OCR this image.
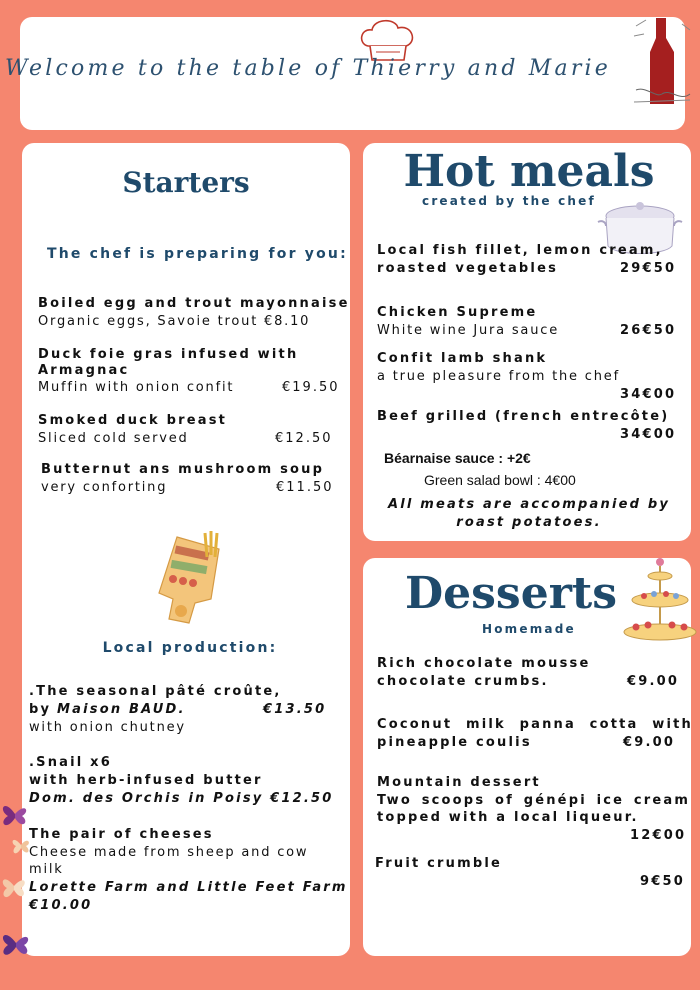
Welcome to the table of Thierry and Marie
Starters
The chef is preparing for you:
Boiled egg and trout mayonnaise
Organic eggs, Savoie trout €8.10
Duck foie gras infused with
Armagnac
Muffin with onion confit	€19.50
Smoked duck breast
Sliced cold served	€12.50
Butternut ans mushroom soup
very conforting	€11.50
Local production:
.The seasonal pâté croûte,
by Maison BAUD.	€13.50
with onion chutney
.Snail x6
with herb-infused butter
Dom. des Orchis in Poisy €12.50
The pair of cheeses
Cheese made from sheep and cow
milk
Lorette Farm and Little Feet Farm
€10.00
Hot meals
created by the chef
Local fish fillet, lemon cream,
roasted vegetables	29€50
Chicken Supreme
White wine Jura sauce	26€50
Confit lamb shank
a true pleasure from the chef
34€00
Beef grilled (french entrecôte)
34€00
Béarnaise sauce : +2€
Green salad bowl : 4€00
All meats are accompanied by
roast potatoes.
Desserts
Homemade
Rich chocolate mousse
chocolate crumbs.	€9.00
Coconut milk panna cotta with
pineapple coulis	€9.00
Mountain dessert
Two scoops of génépi ice cream
topped with a local liqueur.
12€00
Fruit crumble
9€50
